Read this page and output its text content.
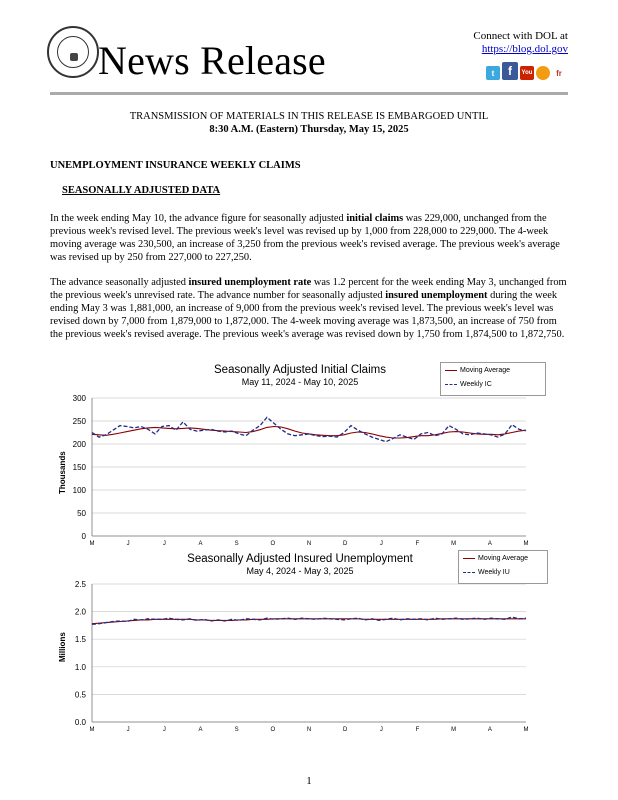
News Release
Connect with DOL at
https://blog.dol.gov
t	f	You	fr
TRANSMISSION OF MATERIALS IN THIS RELEASE IS EMBARGOED UNTIL
8:30 A.M. (Eastern) Thursday, May 15, 2025
UNEMPLOYMENT INSURANCE WEEKLY CLAIMS
SEASONALLY ADJUSTED DATA
In the week ending May 10, the advance figure for seasonally adjusted initial claims was 229,000, unchanged from the previous week's revised level. The previous week's level was revised up by 1,000 from 228,000 to 229,000. The 4-week moving average was 230,500, an increase of 3,250 from the previous week's revised average. The previous week's average was revised up by 250 from 227,000 to 227,250.
The advance seasonally adjusted insured unemployment rate was 1.2 percent for the week ending May 3, unchanged from the previous week's unrevised rate. The advance number for seasonally adjusted insured unemployment during the week ending May 3 was 1,881,000, an increase of 9,000 from the previous week's revised level. The previous week's level was revised down by 7,000 from 1,879,000 to 1,872,000. The 4-week moving average was 1,873,500, an increase of 750 from the previous week's revised average. The previous week's average was revised down by 1,750 from 1,874,500 to 1,872,750.
0
50
100
150
200
250
300
M	J	J	A	S	O	N	D	J	F	M	A	M
Seasonally Adjusted Initial Claims
May 11, 2024 - May 10, 2025
Moving Average
Weekly IC
Thousands
0.0
0.5
1.0
1.5
2.0
2.5
M	J	J	A	S	O	N	D	J	F	M	A	M
Seasonally Adjusted Insured Unemployment
May 4, 2024 - May 3, 2025
Moving Average
Weekly IU
Millions
1
